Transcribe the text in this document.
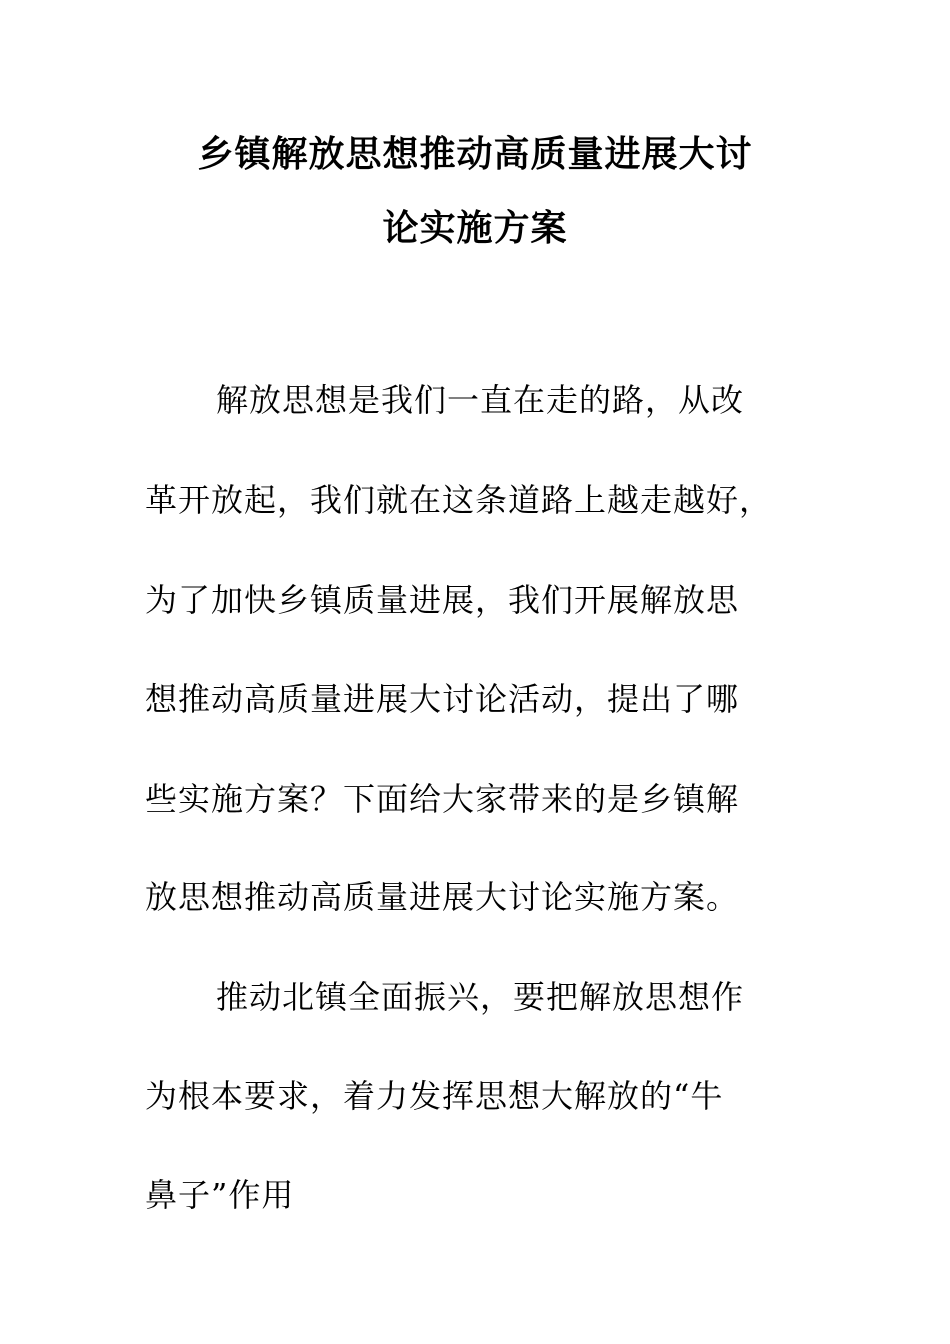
乡镇解放思想推动高质量进展大讨
论实施方案
解放思想是我们一直在走的路，从改
革开放起，我们就在这条道路上越走越好，
为了加快乡镇质量进展，我们开展解放思
想推动高质量进展大讨论活动，提出了哪
些实施方案？下面给大家带来的是乡镇解
放思想推动高质量进展大讨论实施方案。
推动北镇全面振兴，要把解放思想作
为根本要求，着力发挥思想大解放的“牛
鼻子”作用
